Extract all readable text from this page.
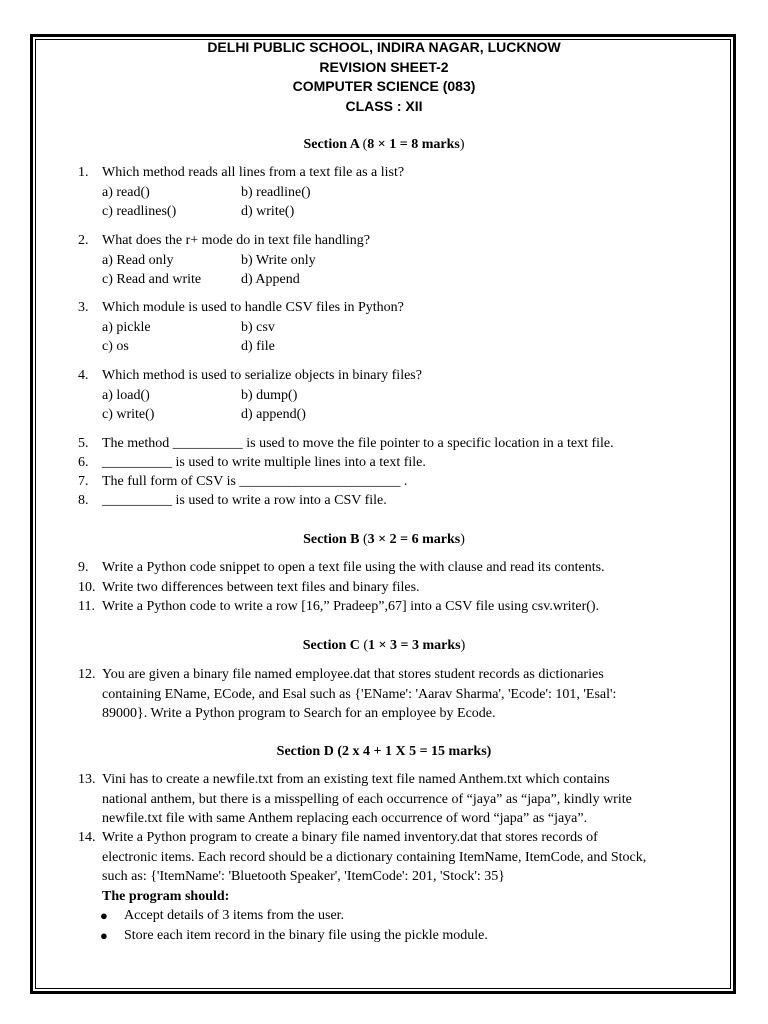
DELHI PUBLIC SCHOOL, INDIRA NAGAR, LUCKNOW
REVISION SHEET-2
COMPUTER SCIENCE (083)
CLASS : XII
Section A (8 × 1 = 8 marks)
1. Which method reads all lines from a text file as a list?
a) read()	b) readline()
c) readlines()	d) write()
2. What does the r+ mode do in text file handling?
a) Read only	b) Write only
c) Read and write	d) Append
3. Which module is used to handle CSV files in Python?
a) pickle	b) csv
c) os	d) file
4. Which method is used to serialize objects in binary files?
a) load()	b) dump()
c) write()	d) append()
5. The method __________ is used to move the file pointer to a specific location in a text file.
6. __________ is used to write multiple lines into a text file.
7. The full form of CSV is _______________________ .
8. __________ is used to write a row into a CSV file.
Section B (3 × 2 = 6 marks)
9. Write a Python code snippet to open a text file using the with clause and read its contents.
10. Write two differences between text files and binary files.
11. Write a Python code to write a row [16,” Pradeep”,67] into a CSV file using csv.writer().
Section C (1 × 3 = 3 marks)
12. You are given a binary file named employee.dat that stores student records as dictionaries
containing EName, ECode, and Esal such as {'EName': 'Aarav Sharma', 'Ecode': 101, 'Esal':
89000}. Write a Python program to Search for an employee by Ecode.
Section D (2 x 4 + 1 X 5 = 15 marks)
13. Vini has to create a newfile.txt from an existing text file named Anthem.txt which contains
national anthem, but there is a misspelling of each occurrence of “jaya” as “japa”, kindly write
newfile.txt file with same Anthem replacing each occurrence of word “japa” as “jaya”.
14. Write a Python program to create a binary file named inventory.dat that stores records of
electronic items. Each record should be a dictionary containing ItemName, ItemCode, and Stock,
such as: {'ItemName': 'Bluetooth Speaker', 'ItemCode': 201, 'Stock': 35}
The program should:
● Accept details of 3 items from the user.
● Store each item record in the binary file using the pickle module.
